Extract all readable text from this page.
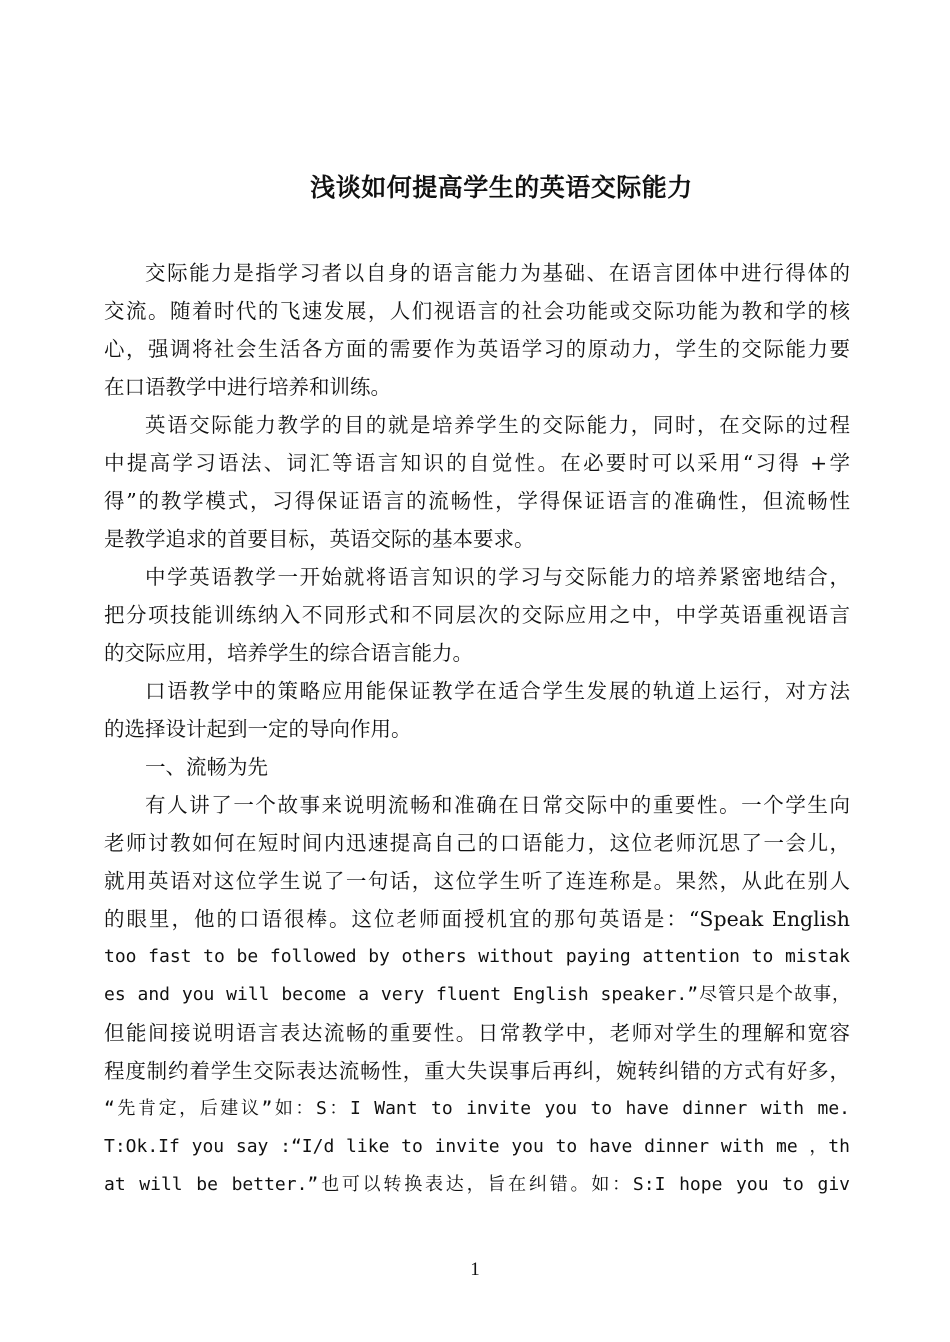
浅谈如何提高学生的英语交际能力
交际能力是指学习者以自身的语言能力为基础、在语言团体中进行得体的
交流。随着时代的飞速发展，人们视语言的社会功能或交际功能为教和学的核
心，强调将社会生活各方面的需要作为英语学习的原动力，学生的交际能力要
在口语教学中进行培养和训练。
英语交际能力教学的目的就是培养学生的交际能力，同时，在交际的过程
中提高学习语法、词汇等语言知识的自觉性。在必要时可以采用“习得 +学
得”的教学模式，习得保证语言的流畅性，学得保证语言的准确性，但流畅性
是教学追求的首要目标，英语交际的基本要求。
中学英语教学一开始就将语言知识的学习与交际能力的培养紧密地结合，
把分项技能训练纳入不同形式和不同层次的交际应用之中，中学英语重视语言
的交际应用，培养学生的综合语言能力。
口语教学中的策略应用能保证教学在适合学生发展的轨道上运行，对方法
的选择设计起到一定的导向作用。
一、流畅为先
有人讲了一个故事来说明流畅和准确在日常交际中的重要性。一个学生向
老师讨教如何在短时间内迅速提高自己的口语能力，这位老师沉思了一会儿，
就用英语对这位学生说了一句话，这位学生听了连连称是。果然，从此在别人
的眼里，他的口语很棒。这位老师面授机宜的那句英语是：“Speak English
too fast to be followed by others without paying attention to mistak
es and you will become a very fluent English speaker.”尽管只是个故事，
但能间接说明语言表达流畅的重要性。日常教学中，老师对学生的理解和宽容
程度制约着学生交际表达流畅性，重大失误事后再纠，婉转纠错的方式有好多，
“先肯定，后建议”如：S：I Want to invite you to have dinner with me.
T:Ok.If you say :“I/d like to invite you to have dinner with me ，th
at will be better.”也可以转换表达，旨在纠错。如：S:I hope you to giv
1
